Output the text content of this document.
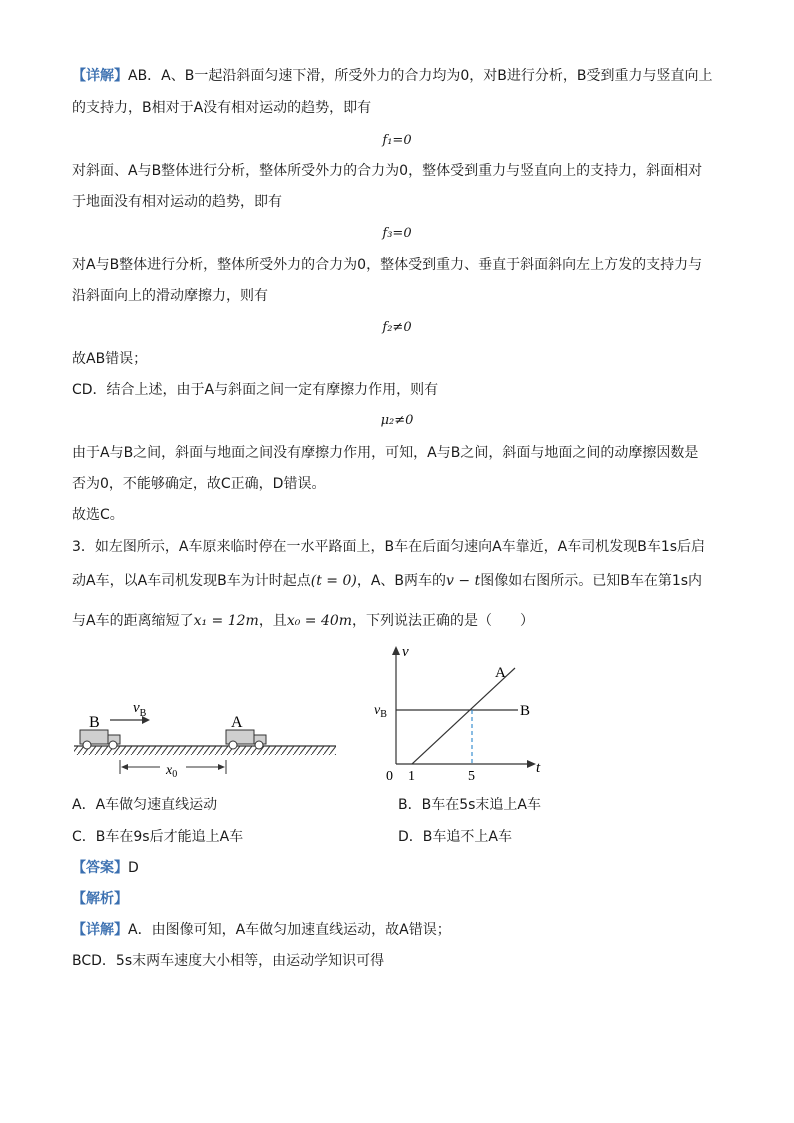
【详解】AB．A、B一起沿斜面匀速下滑，所受外力的合力均为0，对B进行分析，B受到重力与竖直向上
的支持力，B相对于A没有相对运动的趋势，即有
f₁=0
对斜面、A与B整体进行分析，整体所受外力的合力为0，整体受到重力与竖直向上的支持力，斜面相对
于地面没有相对运动的趋势，即有
f₃=0
对A与B整体进行分析，整体所受外力的合力为0，整体受到重力、垂直于斜面斜向左上方发的支持力与
沿斜面向上的滑动摩擦力，则有
f₂≠0
故AB错误；
CD．结合上述，由于A与斜面之间一定有摩擦力作用，则有
μ₂≠0
由于A与B之间，斜面与地面之间没有摩擦力作用，可知，A与B之间，斜面与地面之间的动摩擦因数是
否为0，不能够确定，故C正确，D错误。
故选C。
3．如左图所示，A车原来临时停在一水平路面上，B车在后面匀速向A车靠近，A车司机发现B车1s后启
动A车，以A车司机发现B车为计时起点(t = 0)，A、B两车的v − t图像如右图所示。已知B车在第1s内
与A车的距离缩短了x₁ = 12m，且x₀ = 40m，下列说法正确的是（　　）
B
$v_B$
A
$x_0$
v
t
0 1	5
$v_B$	B
A
A．A车做匀速直线运动	B．B车在5s末追上A车
C．B车在9s后才能追上A车	D．B车追不上A车
【答案】D
【解析】
【详解】A．由图像可知，A车做匀加速直线运动，故A错误；
BCD．5s末两车速度大小相等，由运动学知识可得
